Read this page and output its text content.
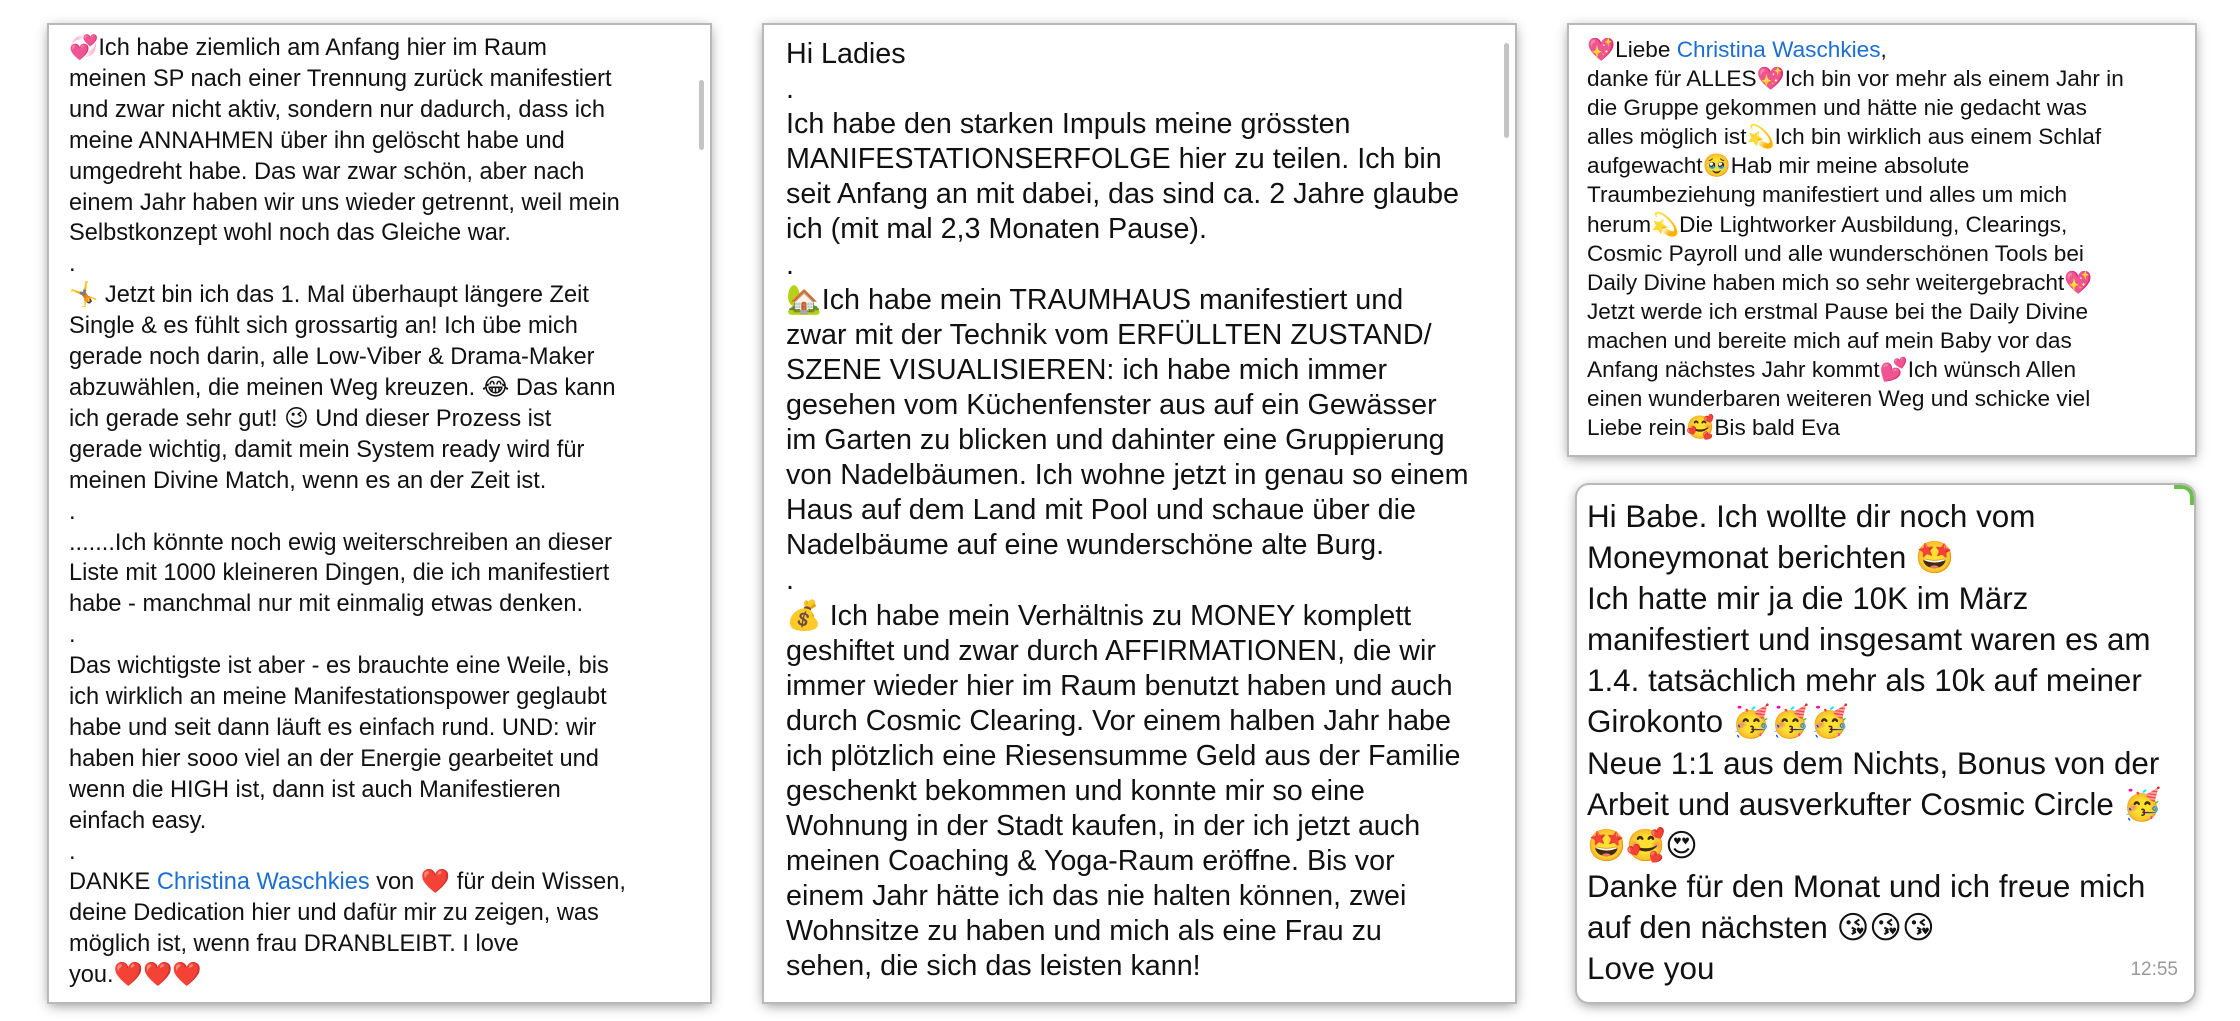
💞Ich habe ziemlich am Anfang hier im Raum
meinen SP nach einer Trennung zurück manifestiert
und zwar nicht aktiv, sondern nur dadurch, dass ich
meine ANNAHMEN über ihn gelöscht habe und
umgedreht habe. Das war zwar schön, aber nach
einem Jahr haben wir uns wieder getrennt, weil mein
Selbstkonzept wohl noch das Gleiche war.
.
🤸 Jetzt bin ich das 1. Mal überhaupt längere Zeit
Single & es fühlt sich grossartig an! Ich übe mich
gerade noch darin, alle Low-Viber & Drama-Maker
abzuwählen, die meinen Weg kreuzen. 😂 Das kann
ich gerade sehr gut! 😉 Und dieser Prozess ist
gerade wichtig, damit mein System ready wird für
meinen Divine Match, wenn es an der Zeit ist.
.
.......Ich könnte noch ewig weiterschreiben an dieser
Liste mit 1000 kleineren Dingen, die ich manifestiert
habe - manchmal nur mit einmalig etwas denken.
.
Das wichtigste ist aber - es brauchte eine Weile, bis
ich wirklich an meine Manifestationspower geglaubt
habe und seit dann läuft es einfach rund. UND: wir
haben hier sooo viel an der Energie gearbeitet und
wenn die HIGH ist, dann ist auch Manifestieren
einfach easy.
.
DANKE Christina Waschkies von ❤️ für dein Wissen,
deine Dedication hier und dafür mir zu zeigen, was
möglich ist, wenn frau DRANBLEIBT. I love
you.❤️❤️❤️
Hi Ladies
.
Ich habe den starken Impuls meine grössten
MANIFESTATIONSERFOLGE hier zu teilen. Ich bin
seit Anfang an mit dabei, das sind ca. 2 Jahre glaube
ich (mit mal 2,3 Monaten Pause).
.
🏡Ich habe mein TRAUMHAUS manifestiert und
zwar mit der Technik vom ERFÜLLTEN ZUSTAND/
SZENE VISUALISIEREN: ich habe mich immer
gesehen vom Küchenfenster aus auf ein Gewässer
im Garten zu blicken und dahinter eine Gruppierung
von Nadelbäumen. Ich wohne jetzt in genau so einem
Haus auf dem Land mit Pool und schaue über die
Nadelbäume auf eine wunderschöne alte Burg.
.
💰 Ich habe mein Verhältnis zu MONEY komplett
geshiftet und zwar durch AFFIRMATIONEN, die wir
immer wieder hier im Raum benutzt haben und auch
durch Cosmic Clearing. Vor einem halben Jahr habe
ich plötzlich eine Riesensumme Geld aus der Familie
geschenkt bekommen und konnte mir so eine
Wohnung in der Stadt kaufen, in der ich jetzt auch
meinen Coaching & Yoga-Raum eröffne. Bis vor
einem Jahr hätte ich das nie halten können, zwei
Wohnsitze zu haben und mich als eine Frau zu
sehen, die sich das leisten kann!
💖Liebe Christina Waschkies,
danke für ALLES💖Ich bin vor mehr als einem Jahr in
die Gruppe gekommen und hätte nie gedacht was
alles möglich ist💫Ich bin wirklich aus einem Schlaf
aufgewacht🥹Hab mir meine absolute
Traumbeziehung manifestiert und alles um mich
herum💫Die Lightworker Ausbildung, Clearings,
Cosmic Payroll und alle wunderschönen Tools bei
Daily Divine haben mich so sehr weitergebracht💖
Jetzt werde ich erstmal Pause bei the Daily Divine
machen und bereite mich auf mein Baby vor das
Anfang nächstes Jahr kommt💕Ich wünsch Allen
einen wunderbaren weiteren Weg und schicke viel
Liebe rein🥰Bis bald Eva
Hi Babe. Ich wollte dir noch vom
Moneymonat berichten 🤩
Ich hatte mir ja die 10K im März
manifestiert und insgesamt waren es am
1.4. tatsächlich mehr als 10k auf meiner
Girokonto 🥳🥳🥳
Neue 1:1 aus dem Nichts, Bonus von der
Arbeit und ausverkufter Cosmic Circle 🥳
🤩🥰😍
Danke für den Monat und ich freue mich
auf den nächsten 😘😘😘
Love you	12:55
